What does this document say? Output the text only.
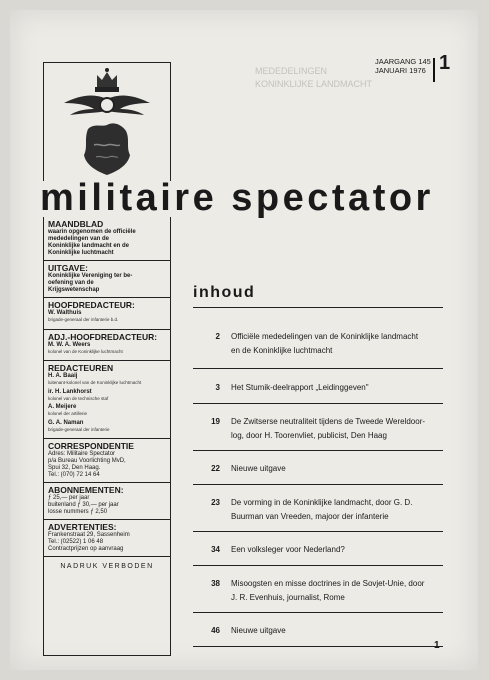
MEDEDELINGEN
KONINKLIJKE LANDMACHT
JAARGANG 145
JANUARI 1976 1
militaire spectator
MAANDBLAD
waarin opgenomen de officiële
mededelingen van de
Koninklijke landmacht en de
Koninklijke luchtmacht
UITGAVE:
Koninklijke Vereniging ter be-
oefening van de
Krijgswetenschap
HOOFDREDACTEUR:
W. Walthuis
brigade-generaal der infanterie b.d.
ADJ.-HOOFDREDACTEUR:
M. W. A. Weers
kolonel van de Koninklijke luchtmacht
REDACTEUREN
H. A. Baaij
luitenant-kolonel van de Koninklijke luchtmacht
ir. H. Lankhorst
kolonel van de technische staf
A. Meijere
kolonel der artillerie
G. A. Naman
brigade-generaal der infanterie
CORRESPONDENTIE
Adres: Militaire Spectator
p/a Bureau Voorlichting MvD,
Spui 32, Den Haag.
Tel.: (070) 72 14 64
ABONNEMENTEN:
ƒ 25,— per jaar
buitenland ƒ 30,— per jaar
losse nummers ƒ 2,50
ADVERTENTIES:
Frankenstraat 29, Sassenheim
Tel.: (02522) 1 06 48
Contractprijzen op aanvraag
NADRUK VERBODEN
inhoud
2 Officiële mededelingen van de Koninklijke landmacht
en de Koninklijke luchtmacht
3 Het Stumik-deelrapport „Leidinggeven"
19 De Zwitserse neutraliteit tijdens de Tweede Wereldoor-
log, door H. Toorenvliet, publicist, Den Haag
22 Nieuwe uitgave
23 De vorming in de Koninklijke landmacht, door G. D.
Buurman van Vreeden, majoor der infanterie
34 Een volksleger voor Nederland?
38 Misoogsten en misse doctrines in de Sovjet-Unie, door
J. R. Evenhuis, journalist, Rome
46 Nieuwe uitgave
1
